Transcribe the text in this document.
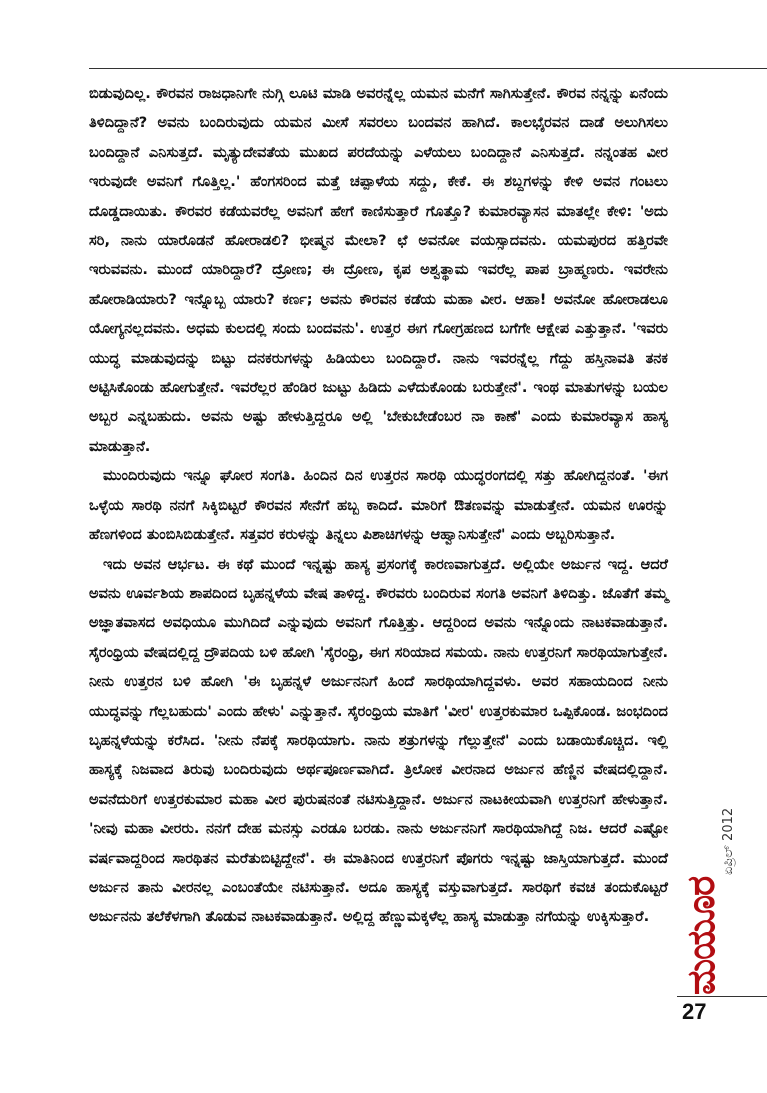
ಬಿಡುವುದಿಲ್ಲ. ಕೌರವನ ರಾಜಧಾನಿಗೇ ನುಗ್ಗಿ ಲೂಟಿ ಮಾಡಿ ಅವರನ್ನೆಲ್ಲ ಯಮನ ಮನೆಗೆ ಸಾಗಿಸುತ್ತೇನೆ. ಕೌರವ ನನ್ನನ್ನು ಏನೆಂದು ತಿಳಿದಿದ್ದಾನೆ? ಅವನು ಬಂದಿರುವುದು ಯಮನ ಮೀಸೆ ಸವರಲು ಬಂದವನ ಹಾಗಿದೆ. ಕಾಲಭೈರವನ ದಾಡೆ ಅಲುಗಿಸಲು ಬಂದಿದ್ದಾನೆ ಎನಿಸುತ್ತದೆ. ಮೃತ್ಯುದೇವತೆಯ ಮುಖದ ಪರದೆಯನ್ನು ಎಳೆಯಲು ಬಂದಿದ್ದಾನೆ ಎನಿಸುತ್ತದೆ. ನನ್ನಂತಹ ವೀರ ಇರುವುದೇ ಅವನಿಗೆ ಗೊತ್ತಿಲ್ಲ.' ಹೆಂಗಸರಿಂದ ಮತ್ತೆ ಚಪ್ಪಾಳೆಯ ಸದ್ದು, ಕೇಕೆ. ಈ ಶಬ್ದಗಳನ್ನು ಕೇಳಿ ಅವನ ಗಂಟಲು ದೊಡ್ಡದಾಯಿತು. ಕೌರವರ ಕಡೆಯವರೆಲ್ಲ ಅವನಿಗೆ ಹೇಗೆ ಕಾಣಿಸುತ್ತಾರೆ ಗೊತ್ತೊ? ಕುಮಾರವ್ಯಾಸನ ಮಾತಲ್ಲೇ ಕೇಳಿ: 'ಅದು ಸರಿ, ನಾನು ಯಾರೊಡನೆ ಹೋರಾಡಲಿ? ಭೀಷ್ಮನ ಮೇಲಾ? ಛೆ ಅವನೋ ವಯಸ್ಸಾದವನು. ಯಮಪುರದ ಹತ್ತಿರವೇ ಇರುವವನು. ಮುಂದೆ ಯಾರಿದ್ದಾರೆ? ದ್ರೋಣ; ಈ ದ್ರೋಣ, ಕೃಪ ಅಶ್ವತ್ಥಾಮ ಇವರೆಲ್ಲ ಪಾಪ ಬ್ರಾಹ್ಮಣರು. ಇವರೇನು ಹೋರಾಡಿಯಾರು? ಇನ್ನೊಬ್ಬ ಯಾರು? ಕರ್ಣ; ಅವನು ಕೌರವನ ಕಡೆಯ ಮಹಾ ವೀರ. ಆಹಾ! ಅವನೋ ಹೋರಾಡಲೂ ಯೋಗ್ಯನಲ್ಲದವನು. ಅಧಮ ಕುಲದಲ್ಲಿ ಸಂದು ಬಂದವನು'. ಉತ್ತರ ಈಗ ಗೋಗ್ರಹಣದ ಬಗೆಗೇ ಆಕ್ಷೇಪ ಎತ್ತುತ್ತಾನೆ. 'ಇವರು ಯುದ್ಧ ಮಾಡುವುದನ್ನು ಬಿಟ್ಟು ದನಕರುಗಳನ್ನು ಹಿಡಿಯಲು ಬಂದಿದ್ದಾರೆ. ನಾನು ಇವರನ್ನೆಲ್ಲ ಗೆದ್ದು ಹಸ್ತಿನಾವತಿ ತನಕ ಅಟ್ಟಿಸಿಕೊಂಡು ಹೋಗುತ್ತೇನೆ. ಇವರೆಲ್ಲರ ಹೆಂಡಿರ ಜುಟ್ಟು ಹಿಡಿದು ಎಳೆದುಕೊಂಡು ಬರುತ್ತೇನೆ'. ಇಂಥ ಮಾತುಗಳನ್ನು ಬಯಲ ಅಬ್ಬರ ಎನ್ನಬಹುದು. ಅವನು ಅಷ್ಟು ಹೇಳುತ್ತಿದ್ದರೂ ಅಲ್ಲಿ 'ಬೇಕುಬೇಡೆಂಬರ ನಾ ಕಾಣೆ' ಎಂದು ಕುಮಾರವ್ಯಾಸ ಹಾಸ್ಯ ಮಾಡುತ್ತಾನೆ.

ಮುಂದಿರುವುದು ಇನ್ನೂ ಘೋರ ಸಂಗತಿ. ಹಿಂದಿನ ದಿನ ಉತ್ತರನ ಸಾರಥಿ ಯುದ್ಧರಂಗದಲ್ಲಿ ಸತ್ತು ಹೋಗಿದ್ದನಂತೆ. 'ಈಗ ಒಳ್ಳೆಯ ಸಾರಥಿ ನನಗೆ ಸಿಕ್ಕಿಬಿಟ್ಟರೆ ಕೌರವನ ಸೇನೆಗೆ ಹಬ್ಬ ಕಾದಿದೆ. ಮಾರಿಗೆ ಔತಣವನ್ನು ಮಾಡುತ್ತೇನೆ. ಯಮನ ಊರನ್ನು ಹೆಣಗಳಿಂದ ತುಂಬಿಸಿಬಿಡುತ್ತೇನೆ. ಸತ್ತವರ ಕರುಳನ್ನು ತಿನ್ನಲು ಪಿಶಾಚಿಗಳನ್ನು ಆಹ್ವಾನಿಸುತ್ತೇನೆ' ಎಂದು ಅಬ್ಬರಿಸುತ್ತಾನೆ.

ಇದು ಅವನ ಆರ್ಭಟ. ಈ ಕಥೆ ಮುಂದೆ ಇನ್ನಷ್ಟು ಹಾಸ್ಯ ಪ್ರಸಂಗಕ್ಕೆ ಕಾರಣವಾಗುತ್ತದೆ. ಅಲ್ಲಿಯೇ ಅರ್ಜುನ ಇದ್ದ. ಆದರೆ ಅವನು ಊರ್ವಶಿಯ ಶಾಪದಿಂದ ಬೃಹನ್ನಳೆಯ ವೇಷ ತಾಳಿದ್ದ. ಕೌರವರು ಬಂದಿರುವ ಸಂಗತಿ ಅವನಿಗೆ ತಿಳಿದಿತ್ತು. ಜೊತೆಗೆ ತಮ್ಮ ಅಜ್ಞಾತವಾಸದ ಅವಧಿಯೂ ಮುಗಿದಿದೆ ಎನ್ನುವುದು ಅವನಿಗೆ ಗೊತ್ತಿತ್ತು. ಆದ್ದರಿಂದ ಅವನು ಇನ್ನೊಂದು ನಾಟಕವಾಡುತ್ತಾನೆ. ಸೈರಂಧ್ರಿಯ ವೇಷದಲ್ಲಿದ್ದ ದ್ರೌಪದಿಯ ಬಳಿ ಹೋಗಿ 'ಸೈರಂಧ್ರಿ, ಈಗ ಸರಿಯಾದ ಸಮಯ. ನಾನು ಉತ್ತರನಿಗೆ ಸಾರಥಿಯಾಗುತ್ತೇನೆ. ನೀನು ಉತ್ತರನ ಬಳಿ ಹೋಗಿ 'ಈ ಬೃಹನ್ನಳೆ ಅರ್ಜುನನಿಗೆ ಹಿಂದೆ ಸಾರಥಿಯಾಗಿದ್ದವಳು. ಅವರ ಸಹಾಯದಿಂದ ನೀನು ಯುದ್ಧವನ್ನು ಗೆಲ್ಲಬಹುದು' ಎಂದು ಹೇಳು' ಎನ್ನುತ್ತಾನೆ. ಸೈರಂಧ್ರಿಯ ಮಾತಿಗೆ 'ವೀರ' ಉತ್ತರಕುಮಾರ ಒಪ್ಪಿಕೊಂಡ. ಜಂಭದಿಂದ ಬೃಹನ್ನಳೆಯನ್ನು ಕರೆಸಿದ. 'ನೀನು ನೆಪಕ್ಕೆ ಸಾರಥಿಯಾಗು. ನಾನು ಶತ್ರುಗಳನ್ನು ಗೆಲ್ಲುತ್ತೇನೆ' ಎಂದು ಬಡಾಯಿಕೊಚ್ಚಿದ. ಇಲ್ಲಿ ಹಾಸ್ಯಕ್ಕೆ ನಿಜವಾದ ತಿರುವು ಬಂದಿರುವುದು ಅರ್ಥಪೂರ್ಣವಾಗಿದೆ. ತ್ರಿಲೋಕ ವೀರನಾದ ಅರ್ಜುನ ಹೆಣ್ಣಿನ ವೇಷದಲ್ಲಿದ್ದಾನೆ. ಅವನೆದುರಿಗೆ ಉತ್ತರಕುಮಾರ ಮಹಾ ವೀರ ಪುರುಷನಂತೆ ನಟಿಸುತ್ತಿದ್ದಾನೆ. ಅರ್ಜುನ ನಾಟಕೀಯವಾಗಿ ಉತ್ತರನಿಗೆ ಹೇಳುತ್ತಾನೆ. 'ನೀವು ಮಹಾ ವೀರರು. ನನಗೆ ದೇಹ ಮನಸ್ಸು ಎರಡೂ ಬರಡು. ನಾನು ಅರ್ಜುನನಿಗೆ ಸಾರಥಿಯಾಗಿದ್ದೆ ನಿಜ. ಆದರೆ ಎಷ್ಟೋ ವರ್ಷವಾದ್ದರಿಂದ ಸಾರಥಿತನ ಮರೆತುಬಿಟ್ಟಿದ್ದೇನೆ'. ಈ ಮಾತಿನಿಂದ ಉತ್ತರನಿಗೆ ಪೊಗರು ಇನ್ನಷ್ಟು ಜಾಸ್ತಿಯಾಗುತ್ತದೆ. ಮುಂದೆ ಅರ್ಜುನ ತಾನು ವೀರನಲ್ಲ ಎಂಬಂತೆಯೇ ನಟಿಸುತ್ತಾನೆ. ಅದೂ ಹಾಸ್ಯಕ್ಕೆ ವಸ್ತುವಾಗುತ್ತದೆ. ಸಾರಥಿಗೆ ಕವಚ ತಂದುಕೊಟ್ಟರೆ ಅರ್ಜುನನು ತಲೆಕೆಳಗಾಗಿ ತೊಡುವ ನಾಟಕವಾಡುತ್ತಾನೆ. ಅಲ್ಲಿದ್ದ ಹೆಣ್ಣುಮಕ್ಕಳೆಲ್ಲ ಹಾಸ್ಯ ಮಾಡುತ್ತಾ ನಗೆಯನ್ನು ಉಕ್ಕಿಸುತ್ತಾರೆ. ಮಯೂರ
ಏಪ್ರಿಲ್ 2012
27
